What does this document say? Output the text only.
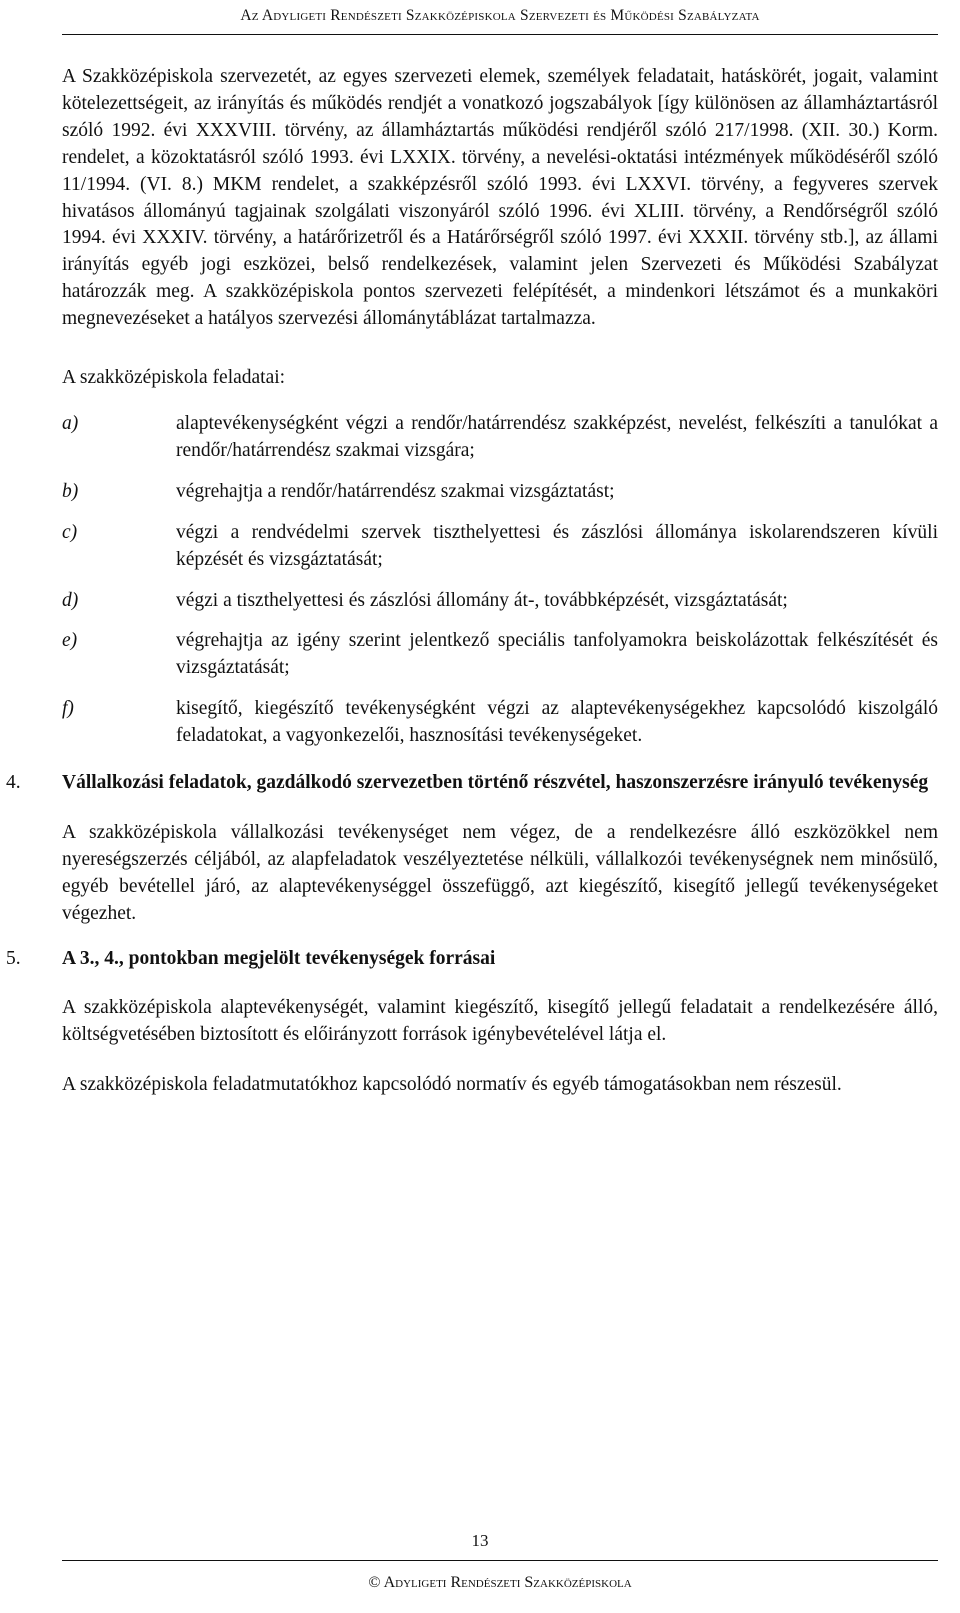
Az Adyligeti Rendészeti Szakközépiskola Szervezeti és Működési Szabályzata

A Szakközépiskola szervezetét, az egyes szervezeti elemek, személyek feladatait, hatáskörét, jogait, valamint kötelezettségeit, az irányítás és működés rendjét a vonatkozó jogszabályok [így különösen az államháztartásról szóló 1992. évi XXXVIII. törvény, az államháztartás működési rendjéről szóló 217/1998. (XII. 30.) Korm. rendelet, a közoktatásról szóló 1993. évi LXXIX. törvény, a nevelési-oktatási intézmények működéséről szóló 11/1994. (VI. 8.) MKM rendelet, a szakképzésről szóló 1993. évi LXXVI. törvény, a fegyveres szervek hivatásos állományú tagjainak szolgálati viszonyáról szóló 1996. évi XLIII. törvény, a Rendőrségről szóló 1994. évi XXXIV. törvény, a határőrizetről és a Határőrségről szóló 1997. évi XXXII. törvény stb.], az állami irányítás egyéb jogi eszközei, belső rendelkezések, valamint jelen Szervezeti és Működési Szabályzat határozzák meg. A szakközépiskola pontos szervezeti felépítését, a mindenkori létszámot és a munkaköri megnevezéseket a hatályos szervezési állománytáblázat tartalmazza.

A szakközépiskola feladatai:

a)	alaptevékenységként végzi a rendőr/határrendész szakképzést, nevelést, felkészíti a tanulókat a rendőr/határrendész szakmai vizsgára;
b)	végrehajtja a rendőr/határrendész szakmai vizsgáztatást;
c)	végzi a rendvédelmi szervek tiszthelyettesi és zászlósi állománya iskolarendszeren kívüli képzését és vizsgáztatását;
d)	végzi a tiszthelyettesi és zászlósi állomány át-, továbbképzését, vizsgáztatását;
e)	végrehajtja az igény szerint jelentkező speciális tanfolyamokra beiskolázottak felkészítését és vizsgáztatását;
f)	kisegítő, kiegészítő tevékenységként végzi az alaptevékenységekhez kapcsolódó kiszolgáló feladatokat, a vagyonkezelői, hasznosítási tevékenységeket.
4. Vállalkozási feladatok, gazdálkodó szervezetben történő részvétel, haszonszerzésre irányuló tevékenység

A szakközépiskola vállalkozási tevékenységet nem végez, de a rendelkezésre álló eszközökkel nem nyereségszerzés céljából, az alapfeladatok veszélyeztetése nélküli, vállalkozói tevékenységnek nem minősülő, egyéb bevétellel járó, az alaptevékenységgel összefüggő, azt kiegészítő, kisegítő jellegű tevékenységeket végezhet.

5. A 3., 4., pontokban megjelölt tevékenységek forrásai

A szakközépiskola alaptevékenységét, valamint kiegészítő, kisegítő jellegű feladatait a rendelkezésére álló, költségvetésében biztosított és előirányzott források igénybevételével látja el.

A szakközépiskola feladatmutatókhoz kapcsolódó normatív és egyéb támogatásokban nem részesül.

13
© Adyligeti Rendészeti Szakközépiskola
